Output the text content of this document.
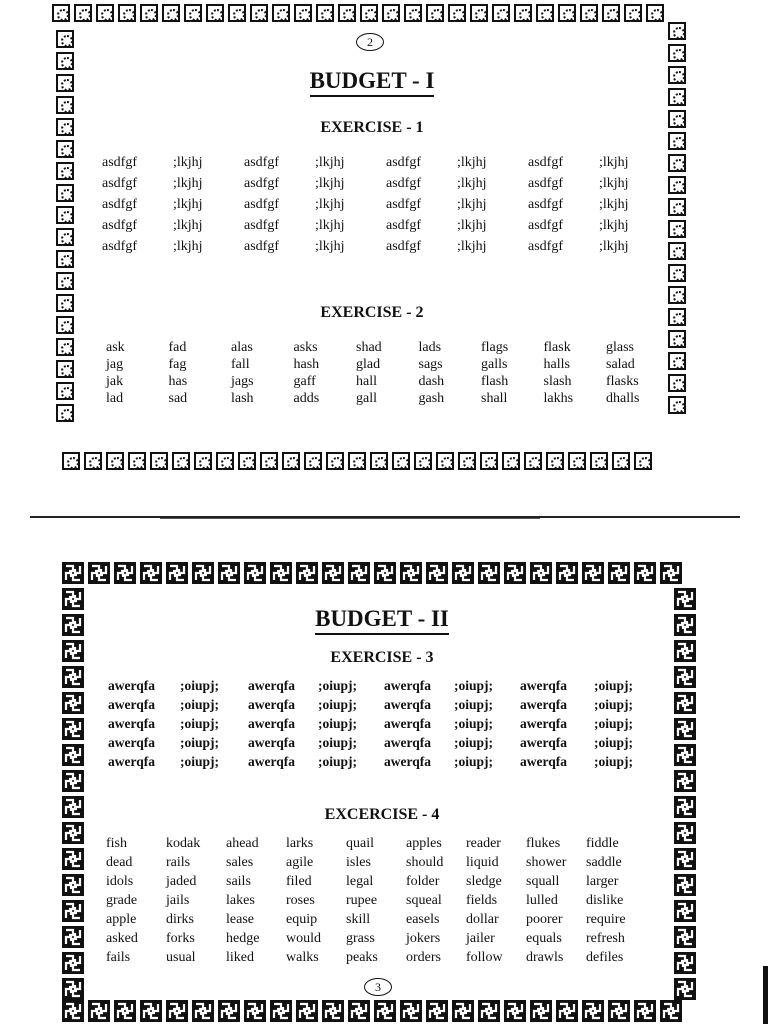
2
BUDGET - I
EXERCISE - 1
asdfgf	;lkjhj	asdfgf	;lkjhj	asdfgf	;lkjhj	asdfgf	;lkjhj
asdfgf	;lkjhj	asdfgf	;lkjhj	asdfgf	;lkjhj	asdfgf	;lkjhj
asdfgf	;lkjhj	asdfgf	;lkjhj	asdfgf	;lkjhj	asdfgf	;lkjhj
asdfgf	;lkjhj	asdfgf	;lkjhj	asdfgf	;lkjhj	asdfgf	;lkjhj
asdfgf	;lkjhj	asdfgf	;lkjhj	asdfgf	;lkjhj	asdfgf	;lkjhj
EXERCISE - 2
ask	fad	alas	asks	shad	lads	flags	flask	glass
jag	fag	fall	hash	glad	sags	galls	halls	salad
jak	has	jags	gaff	hall	dash	flash	slash	flasks
lad	sad	lash	adds	gall	gash	shall	lakhs	dhalls
BUDGET - II
EXERCISE - 3
awerqfa	;oiupj;	awerqfa	;oiupj;	awerqfa	;oiupj;	awerqfa	;oiupj;
awerqfa	;oiupj;	awerqfa	;oiupj;	awerqfa	;oiupj;	awerqfa	;oiupj;
awerqfa	;oiupj;	awerqfa	;oiupj;	awerqfa	;oiupj;	awerqfa	;oiupj;
awerqfa	;oiupj;	awerqfa	;oiupj;	awerqfa	;oiupj;	awerqfa	;oiupj;
awerqfa	;oiupj;	awerqfa	;oiupj;	awerqfa	;oiupj;	awerqfa	;oiupj;
EXCERCISE - 4
fish	kodak	ahead	larks	quail	apples	reader	flukes	fiddle
dead	rails	sales	agile	isles	should	liquid	shower	saddle
idols	jaded	sails	filed	legal	folder	sledge	squall	larger
grade	jails	lakes	roses	rupee	squeal	fields	lulled	dislike
apple	dirks	lease	equip	skill	easels	dollar	poorer	require
asked	forks	hedge	would	grass	jokers	jailer	equals	refresh
fails	usual	liked	walks	peaks	orders	follow	drawls	defiles
3
